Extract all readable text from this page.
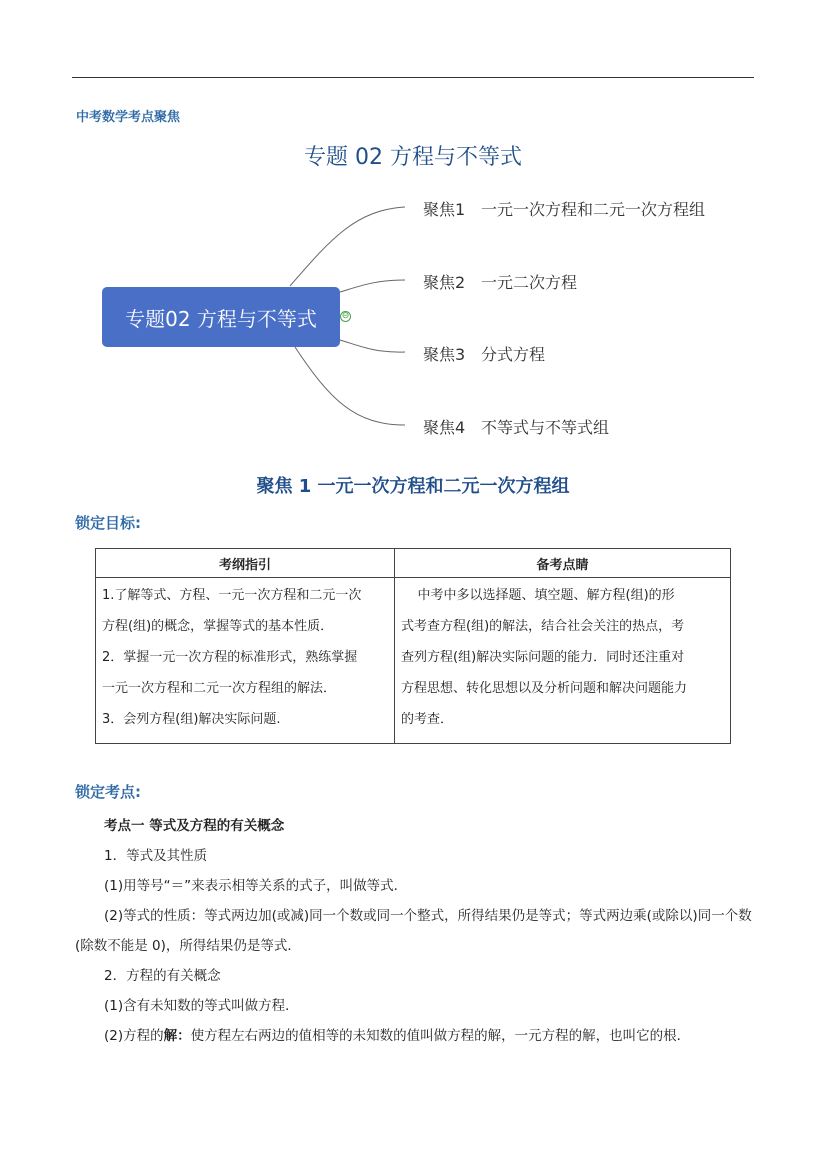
中考数学考点聚焦
专题 02 方程与不等式
专题02 方程与不等式	⊖
聚焦1 一元一次方程和二元一次方程组
聚焦2 一元二次方程
聚焦3 分式方程
聚焦4 不等式与不等式组
聚焦 1 一元一次方程和二元一次方程组
锁定目标:
考纲指引	备考点睛

1.了解等式、方程、一元一次方程和二元一次
方程(组)的概念，掌握等式的基本性质．
2．掌握一元一次方程的标准形式，熟练掌握
一元一次方程和二元一次方程组的解法．
3．会列方程(组)解决实际问题.	中考中多以选择题、填空题、解方程(组)的形
式考查方程(组)的解法，结合社会关注的热点，考
查列方程(组)解决实际问题的能力．同时还注重对
方程思想、转化思想以及分析问题和解决问题能力
的考查．
锁定考点:
考点一 等式及方程的有关概念
1．等式及其性质
(1)用等号“＝”来表示相等关系的式子，叫做等式．
(2)等式的性质：等式两边加(或减)同一个数或同一个整式，所得结果仍是等式；等式两边乘(或除以)同一个数(除数不能是 0)，所得结果仍是等式．
2．方程的有关概念
(1)含有未知数的等式叫做方程．
(2)方程的解：使方程左右两边的值相等的未知数的值叫做方程的解，一元方程的解，也叫它的根．
